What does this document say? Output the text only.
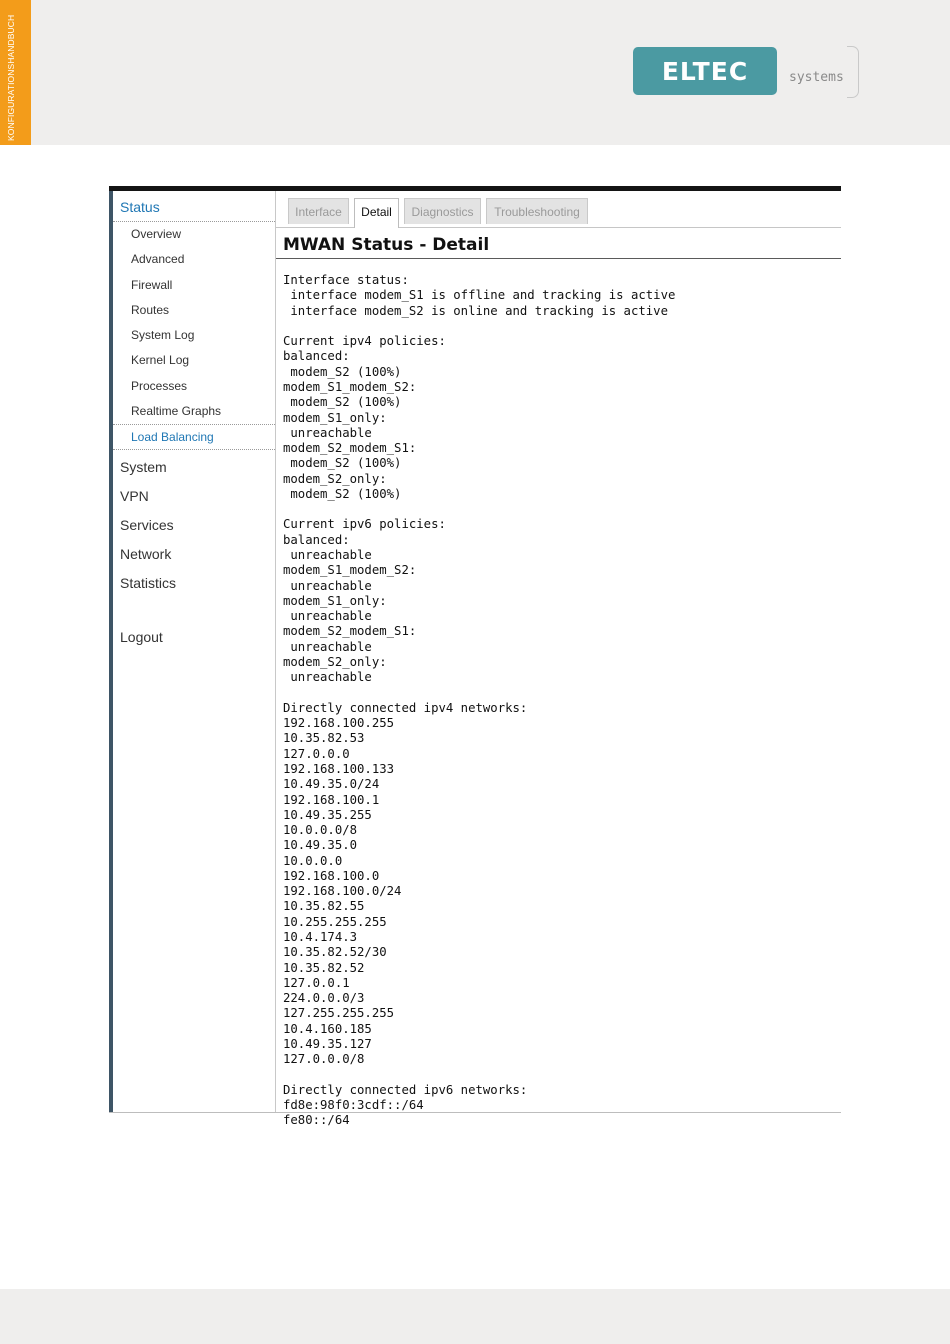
KONFIGURATIONSHANDBUCH	ELTEC	systems
Status
Overview
Advanced
Firewall
Routes
System Log
Kernel Log
Processes
Realtime Graphs
Load Balancing
System
VPN
Services
Network
Statistics
Logout
Interface	Detail	Diagnostics	Troubleshooting
MWAN Status - Detail
Interface status:
interface modem_S1 is offline and tracking is active
interface modem_S2 is online and tracking is active
Current ipv4 policies:
balanced:
modem_S2 (100%)
modem_S1_modem_S2:
modem_S2 (100%)
modem_S1_only:
unreachable
modem_S2_modem_S1:
modem_S2 (100%)
modem_S2_only:
modem_S2 (100%)
Current ipv6 policies:
balanced:
unreachable
modem_S1_modem_S2:
unreachable
modem_S1_only:
unreachable
modem_S2_modem_S1:
unreachable
modem_S2_only:
unreachable
Directly connected ipv4 networks:
192.168.100.255
10.35.82.53
127.0.0.0
192.168.100.133
10.49.35.0/24
192.168.100.1
10.49.35.255
10.0.0.0/8
10.49.35.0
10.0.0.0
192.168.100.0
192.168.100.0/24
10.35.82.55
10.255.255.255
10.4.174.3
10.35.82.52/30
10.35.82.52
127.0.0.1
224.0.0.0/3
127.255.255.255
10.4.160.185
10.49.35.127
127.0.0.0/8
Directly connected ipv6 networks:
fd8e:98f0:3cdf::/64
fe80::/64
